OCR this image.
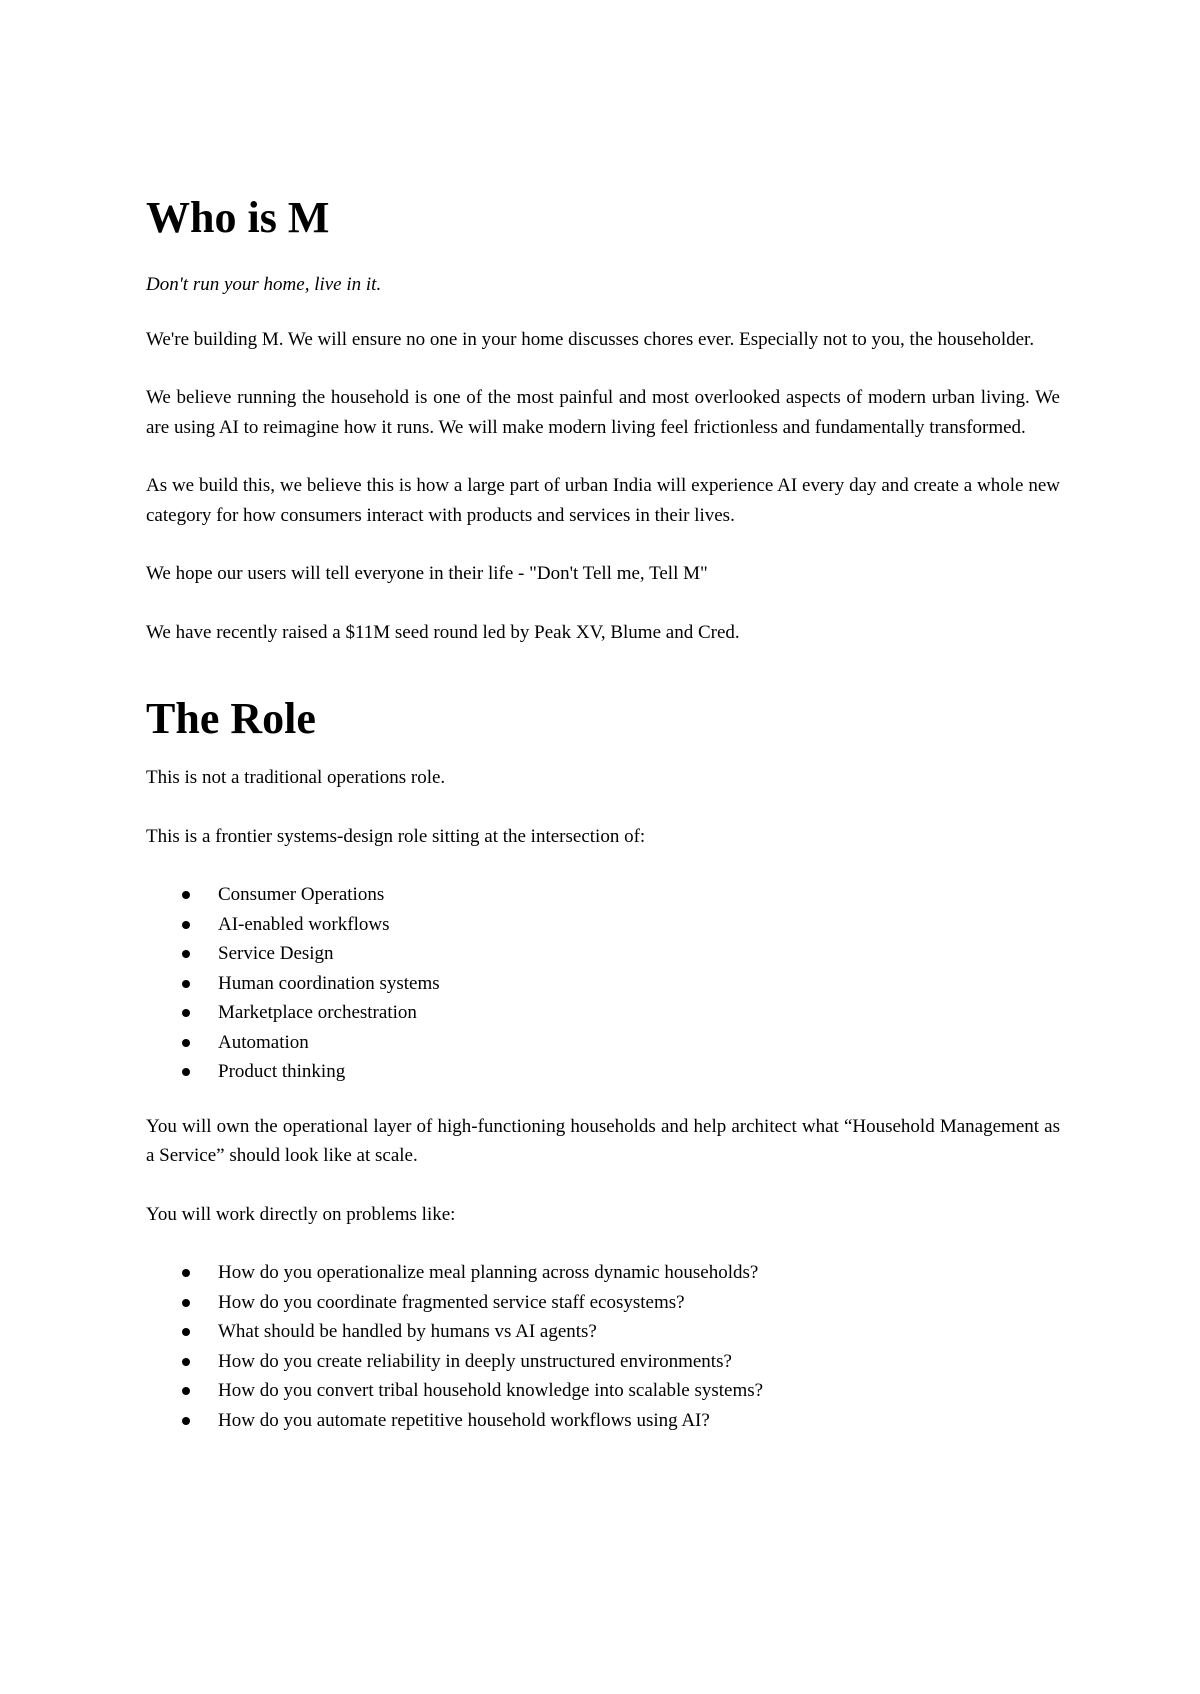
Who is M

Don't run your home, live in it.

We're building M. We will ensure no one in your home discusses chores ever. Especially not to you, the householder.

We believe running the household is one of the most painful and most overlooked aspects of modern urban living. We are using AI to reimagine how it runs. We will make modern living feel frictionless and fundamentally transformed.

As we build this, we believe this is how a large part of urban India will experience AI every day and create a whole new category for how consumers interact with products and services in their lives.

We hope our users will tell everyone in their life - "Don't Tell me, Tell M"

We have recently raised a $11M seed round led by Peak XV, Blume and Cred.

The Role

This is not a traditional operations role.

This is a frontier systems-design role sitting at the intersection of:

Consumer Operations
AI-enabled workflows
Service Design
Human coordination systems
Marketplace orchestration
Automation
Product thinking

You will own the operational layer of high-functioning households and help architect what “Household Management as a Service” should look like at scale.

You will work directly on problems like:

How do you operationalize meal planning across dynamic households?
How do you coordinate fragmented service staff ecosystems?
What should be handled by humans vs AI agents?
How do you create reliability in deeply unstructured environments?
How do you convert tribal household knowledge into scalable systems?
How do you automate repetitive household workflows using AI?
